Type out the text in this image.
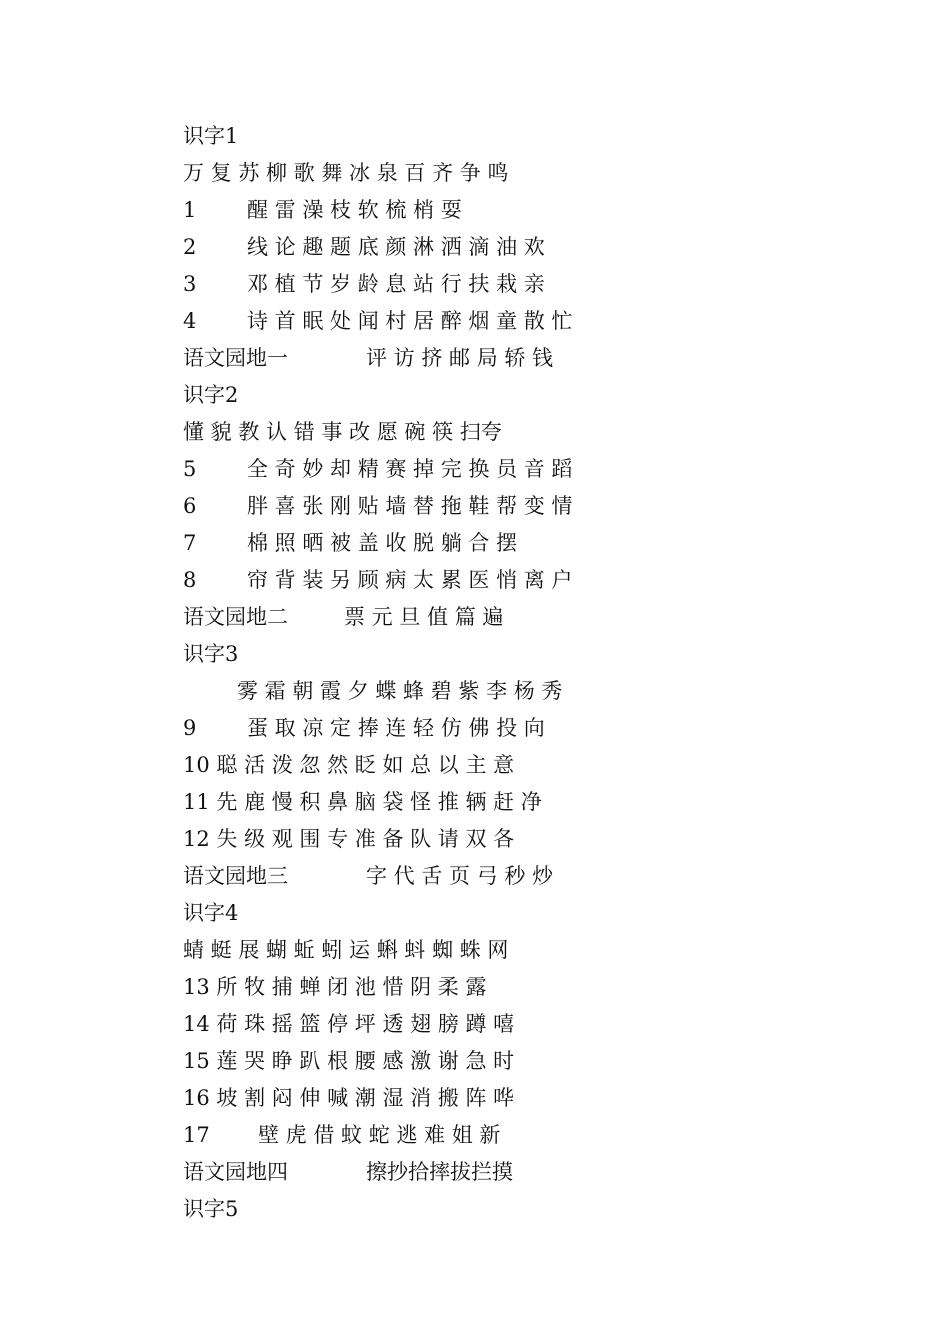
识字1
万 复 苏 柳 歌 舞 冰 泉 百 齐 争 鸣
1 醒 雷 澡 枝 软 梳 梢 耍
2 线 论 趣 题 底 颜 淋 洒 滴 油 欢
3 邓 植 节 岁 龄 息 站 行 扶 栽 亲
4 诗 首 眠 处 闻 村 居 醉 烟 童 散 忙
语文园地一	评 访 挤 邮 局 轿 钱
识字2
懂 貌 教 认 错 事 改 愿 碗 筷 扫夸
5 全 奇 妙 却 精 赛 掉 完 换 员 音 蹈
6 胖 喜 张 刚 贴 墙 替 拖 鞋 帮 变 情
7 棉 照 晒 被 盖 收 脱 躺 合 摆
8 帘 背 装 另 顾 病 太 累 医 悄 离 户
语文园地二	票 元 旦 值 篇 遍
识字3
雾 霜 朝 霞 夕 蝶 蜂 碧 紫 李 杨 秀
9 蛋 取 凉 定 捧 连 轻 仿 佛 投 向
10 聪 活 泼 忽 然 眨 如 总 以 主 意
11 先 鹿 慢 积 鼻 脑 袋 怪 推 辆 赶 净
12 失 级 观 围 专 准 备 队 请 双 各
语文园地三	字 代 舌 页 弓 秒 炒
识字4
蜻 蜓 展 蝴 蚯 蚓 运 蝌 蚪 蜘 蛛 网
13 所 牧 捕 蝉 闭 池 惜 阴 柔 露
14 荷 珠 摇 篮 停 坪 透 翅 膀 蹲 嘻
15 莲 哭 睁 趴 根 腰 感 激 谢 急 时
16 坡 割 闷 伸 喊 潮 湿 消 搬 阵 哗
17 壁 虎 借 蚊 蛇 逃 难 姐 新
语文园地四	擦抄拾摔拔拦摸
识字5
